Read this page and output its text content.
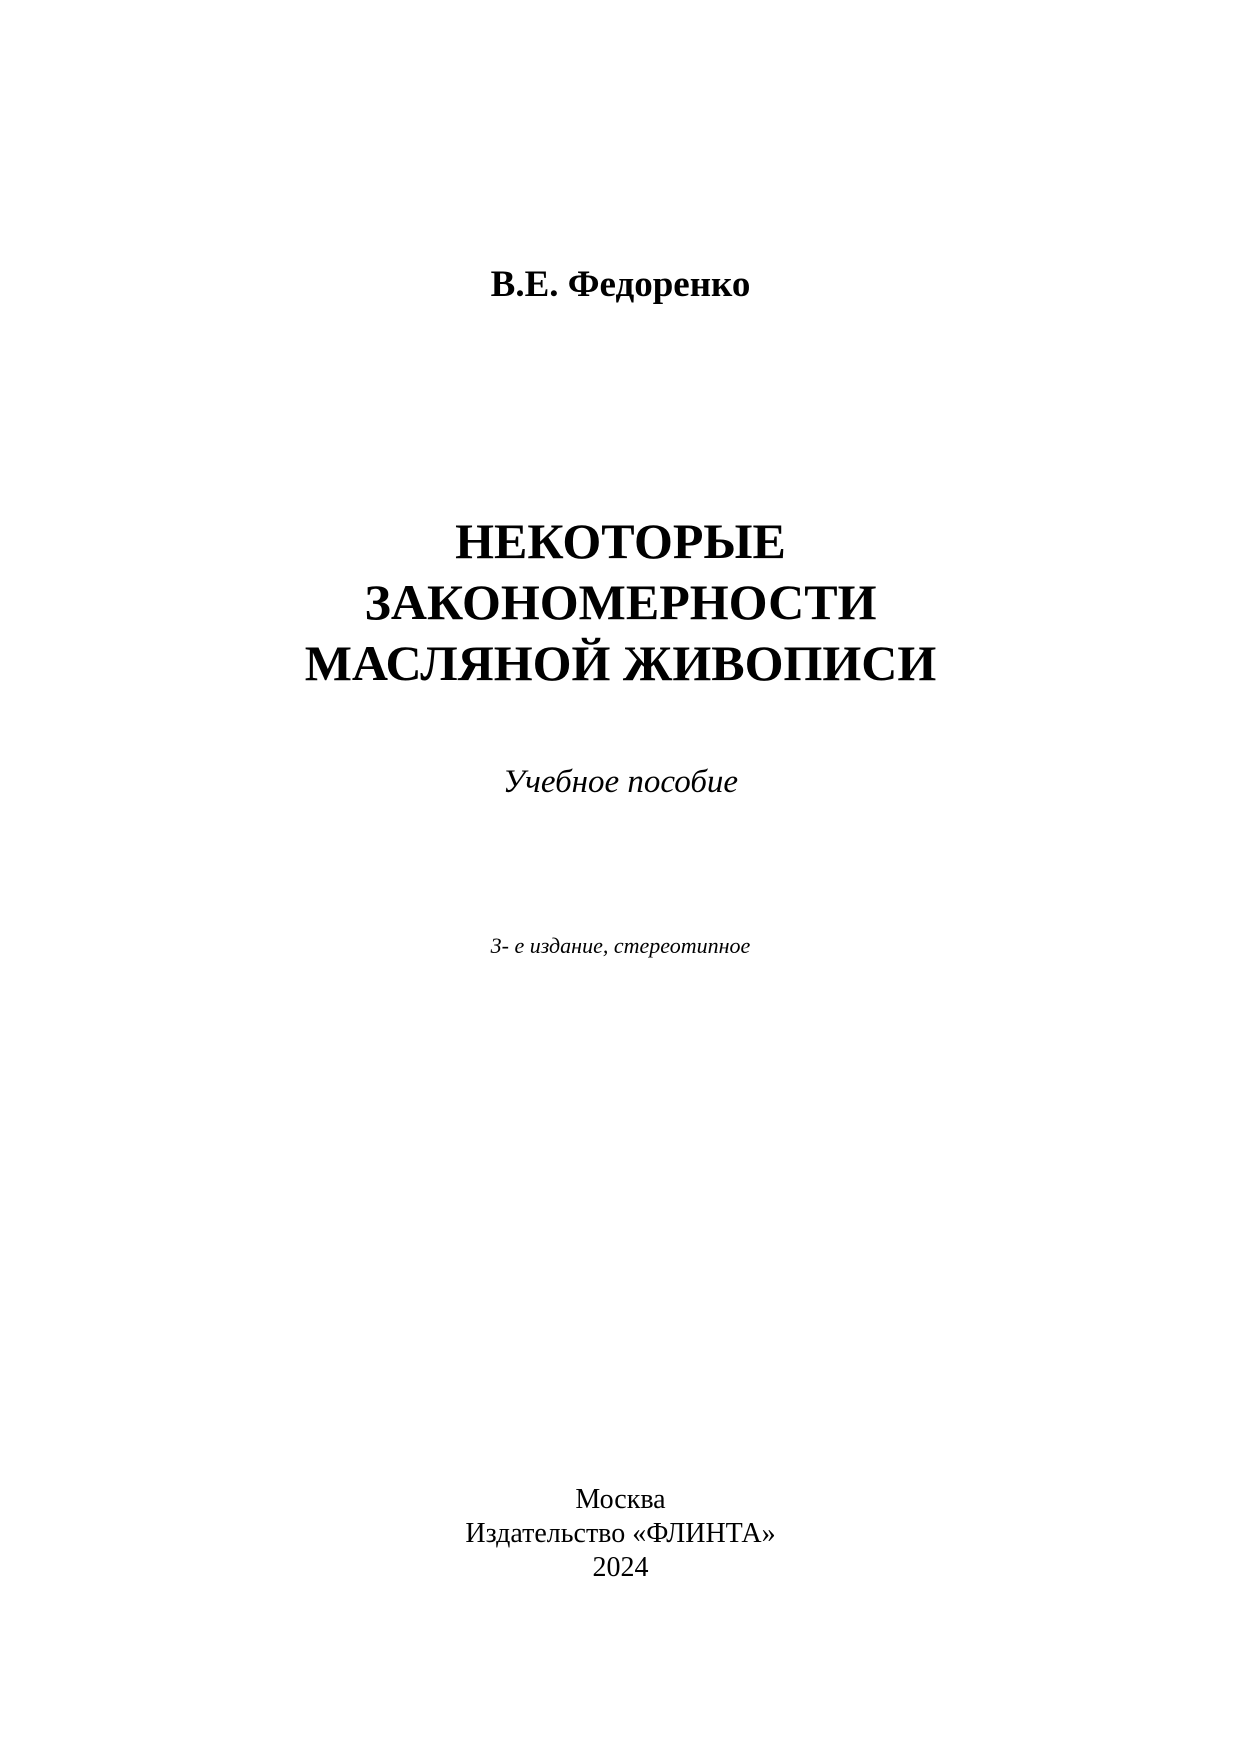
В.Е. Федоренко
НЕКОТОРЫЕ
ЗАКОНОМЕРНОСТИ
МАСЛЯНОЙ ЖИВОПИСИ
Учебное пособие
3- е издание, стереотипное
Москва
Издательство «ФЛИНТА»
2024
